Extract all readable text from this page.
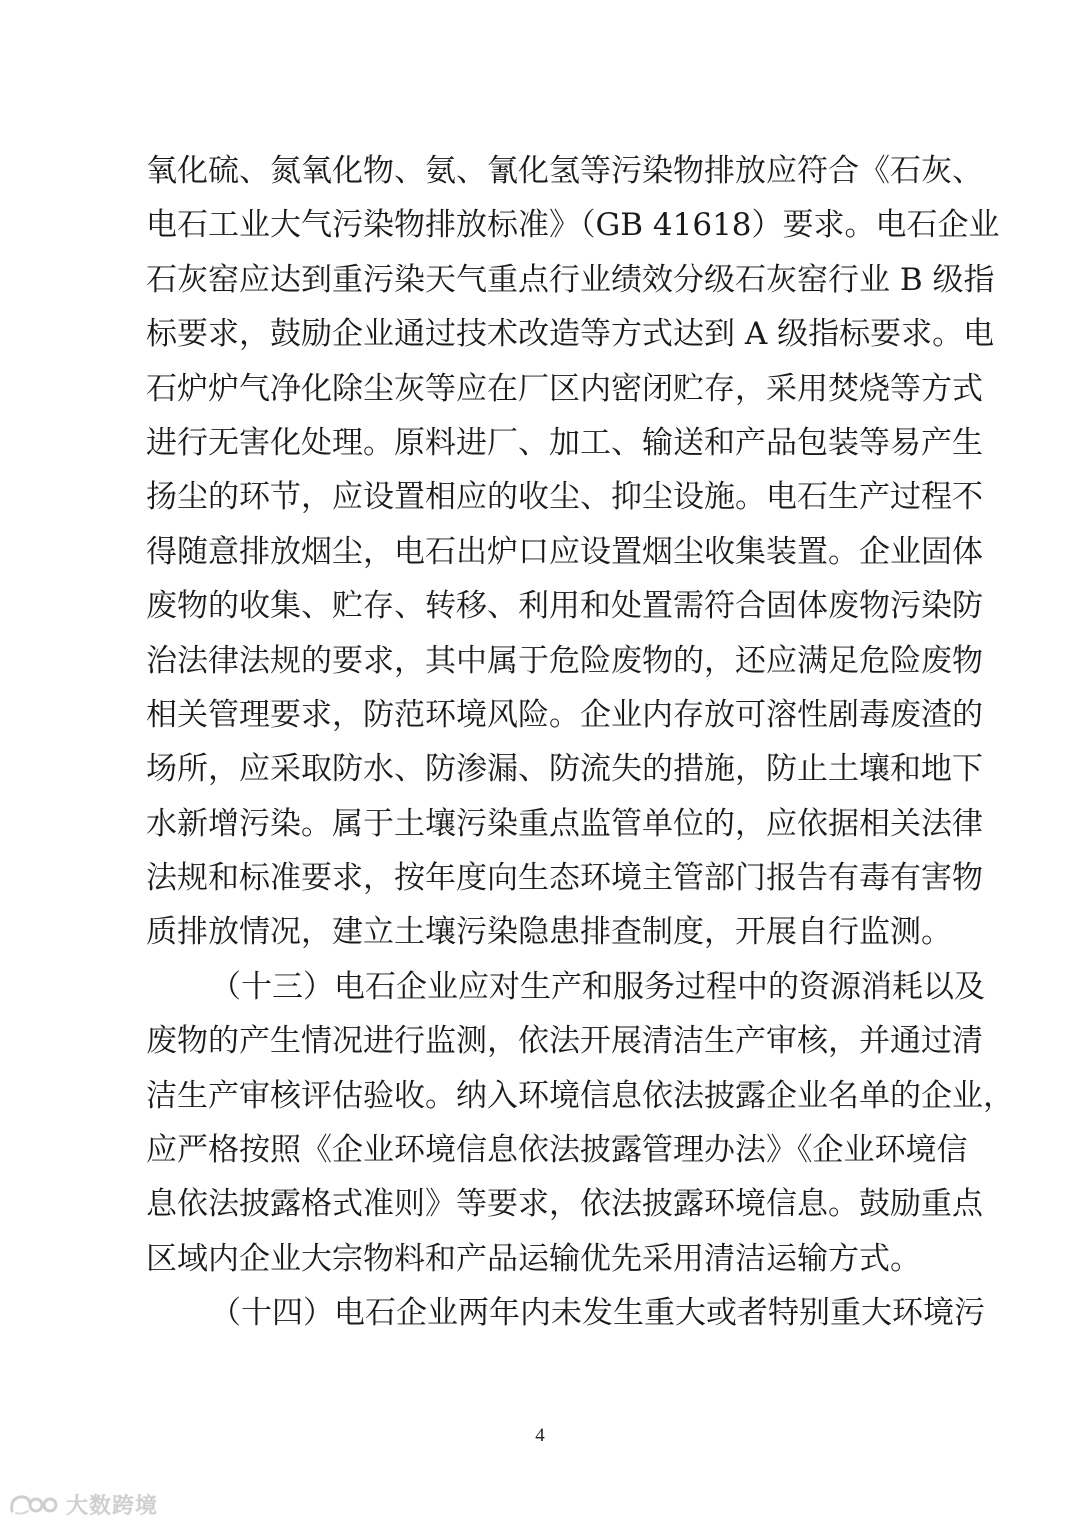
氧化硫、氮氧化物、氨、氰化氢等污染物排放应符合《石灰、
电石工业大气污染物排放标准》（GB 41618）要求。电石企业
石灰窑应达到重污染天气重点行业绩效分级石灰窑行业 B 级指
标要求，鼓励企业通过技术改造等方式达到 A 级指标要求。电
石炉炉气净化除尘灰等应在厂区内密闭贮存，采用焚烧等方式
进行无害化处理。原料进厂、加工、输送和产品包装等易产生
扬尘的环节，应设置相应的收尘、抑尘设施。电石生产过程不
得随意排放烟尘，电石出炉口应设置烟尘收集装置。企业固体
废物的收集、贮存、转移、利用和处置需符合固体废物污染防
治法律法规的要求，其中属于危险废物的，还应满足危险废物
相关管理要求，防范环境风险。企业内存放可溶性剧毒废渣的
场所，应采取防水、防渗漏、防流失的措施，防止土壤和地下
水新增污染。属于土壤污染重点监管单位的，应依据相关法律
法规和标准要求，按年度向生态环境主管部门报告有毒有害物
质排放情况，建立土壤污染隐患排查制度，开展自行监测。
（十三）电石企业应对生产和服务过程中的资源消耗以及
废物的产生情况进行监测，依法开展清洁生产审核，并通过清
洁生产审核评估验收。纳入环境信息依法披露企业名单的企业，
应严格按照《企业环境信息依法披露管理办法》《企业环境信
息依法披露格式准则》等要求，依法披露环境信息。鼓励重点
区域内企业大宗物料和产品运输优先采用清洁运输方式。
（十四）电石企业两年内未发生重大或者特别重大环境污
4
大数跨境
